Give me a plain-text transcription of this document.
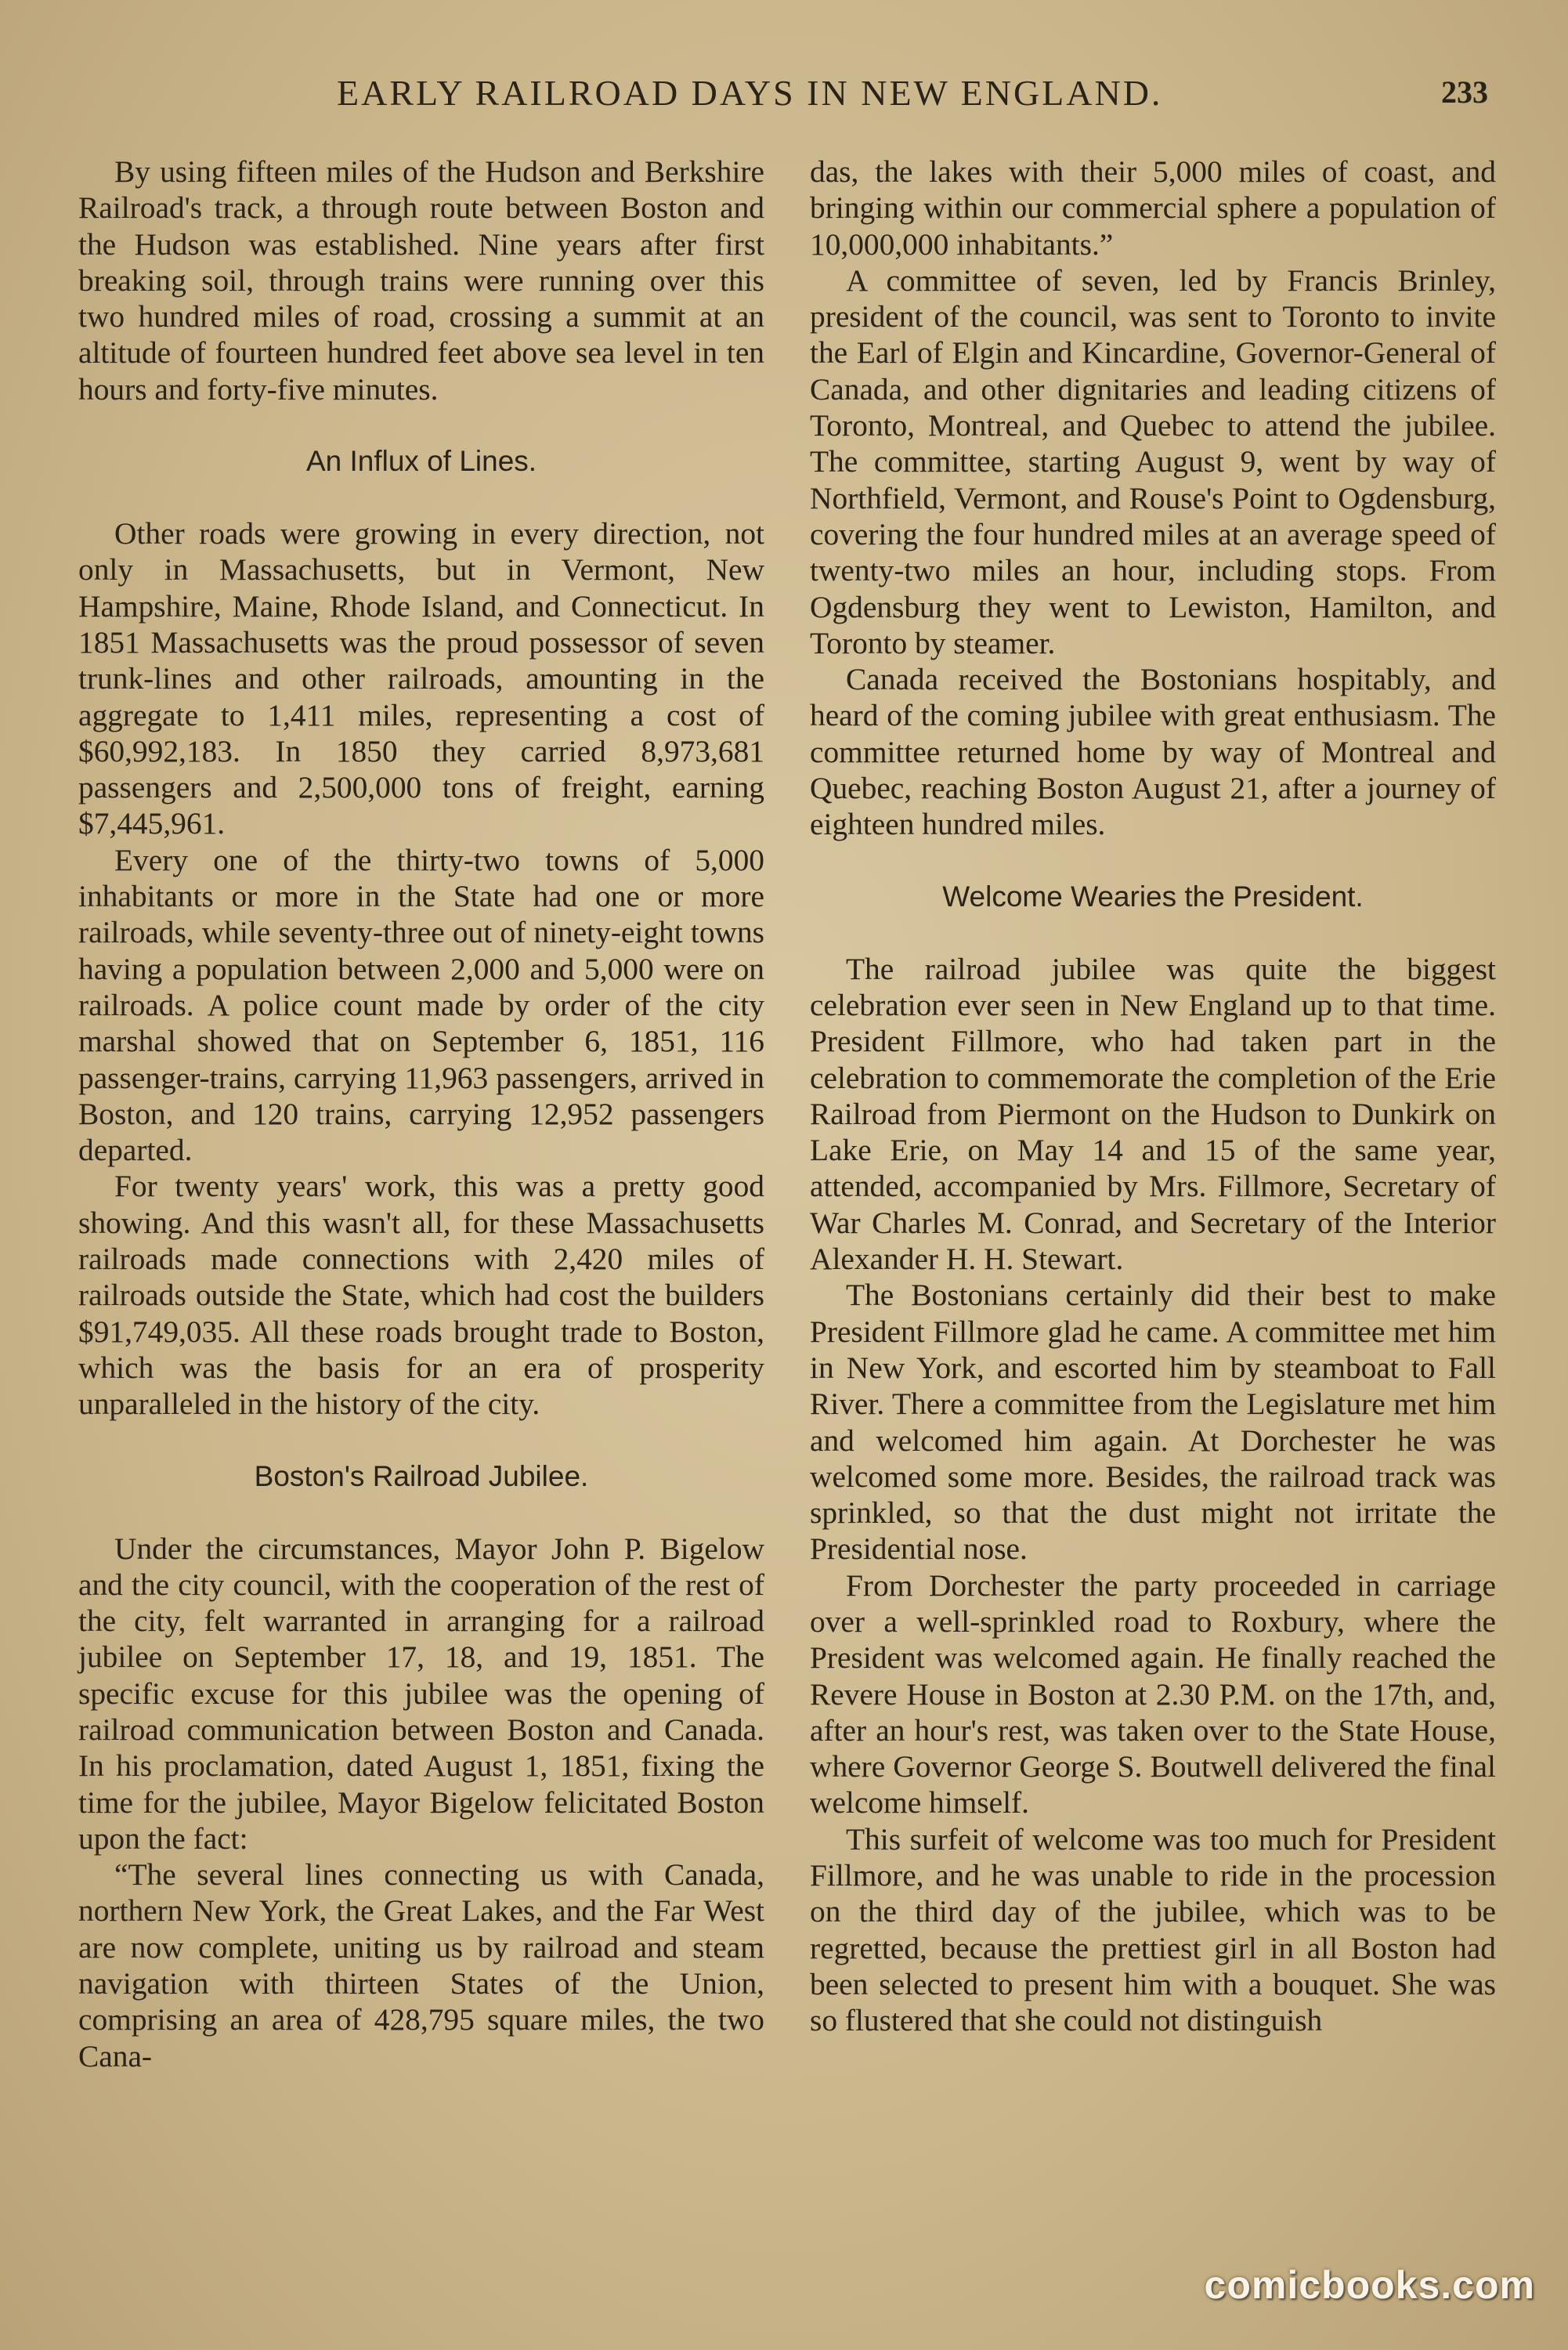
EARLY RAILROAD DAYS IN NEW ENGLAND.	233

By using fifteen miles of the Hudson and Berkshire Railroad's track, a through route between Boston and the Hudson was established. Nine years after first breaking soil, through trains were running over this two hundred miles of road, crossing a summit at an altitude of fourteen hundred feet above sea level in ten hours and forty-five minutes.

An Influx of Lines.

Other roads were growing in every direction, not only in Massachusetts, but in Vermont, New Hampshire, Maine, Rhode Island, and Connecticut. In 1851 Massachusetts was the proud possessor of seven trunk-lines and other railroads, amounting in the aggregate to 1,411 miles, representing a cost of $60,992,183. In 1850 they carried 8,973,681 passengers and 2,500,000 tons of freight, earning $7,445,961.

Every one of the thirty-two towns of 5,000 inhabitants or more in the State had one or more railroads, while seventy-three out of ninety-eight towns having a population between 2,000 and 5,000 were on railroads. A police count made by order of the city marshal showed that on September 6, 1851, 116 passenger-trains, carrying 11,963 passengers, arrived in Boston, and 120 trains, carrying 12,952 passengers departed.

For twenty years' work, this was a pretty good showing. And this wasn't all, for these Massachusetts railroads made connections with 2,420 miles of railroads outside the State, which had cost the builders $91,749,035. All these roads brought trade to Boston, which was the basis for an era of prosperity unparalleled in the history of the city.

Boston's Railroad Jubilee.

Under the circumstances, Mayor John P. Bigelow and the city council, with the cooperation of the rest of the city, felt warranted in arranging for a railroad jubilee on September 17, 18, and 19, 1851. The specific excuse for this jubilee was the opening of railroad communication between Boston and Canada. In his proclamation, dated August 1, 1851, fixing the time for the jubilee, Mayor Bigelow felicitated Boston upon the fact:

“The several lines connecting us with Canada, northern New York, the Great Lakes, and the Far West are now complete, uniting us by railroad and steam navigation with thirteen States of the Union, comprising an area of 428,795 square miles, the two Cana-

das, the lakes with their 5,000 miles of coast, and bringing within our commercial sphere a population of 10,000,000 inhabitants.”

A committee of seven, led by Francis Brinley, president of the council, was sent to Toronto to invite the Earl of Elgin and Kincardine, Governor-General of Canada, and other dignitaries and leading citizens of Toronto, Montreal, and Quebec to attend the jubilee. The committee, starting August 9, went by way of Northfield, Vermont, and Rouse's Point to Ogdensburg, covering the four hundred miles at an average speed of twenty-two miles an hour, including stops. From Ogdensburg they went to Lewiston, Hamilton, and Toronto by steamer.

Canada received the Bostonians hospitably, and heard of the coming jubilee with great enthusiasm. The committee returned home by way of Montreal and Quebec, reaching Boston August 21, after a journey of eighteen hundred miles.

Welcome Wearies the President.

The railroad jubilee was quite the biggest celebration ever seen in New England up to that time. President Fillmore, who had taken part in the celebration to commemorate the completion of the Erie Railroad from Piermont on the Hudson to Dunkirk on Lake Erie, on May 14 and 15 of the same year, attended, accompanied by Mrs. Fillmore, Secretary of War Charles M. Conrad, and Secretary of the Interior Alexander H. H. Stewart.

The Bostonians certainly did their best to make President Fillmore glad he came. A committee met him in New York, and escorted him by steamboat to Fall River. There a committee from the Legislature met him and welcomed him again. At Dorchester he was welcomed some more. Besides, the railroad track was sprinkled, so that the dust might not irritate the Presidential nose.

From Dorchester the party proceeded in carriage over a well-sprinkled road to Roxbury, where the President was welcomed again. He finally reached the Revere House in Boston at 2.30 P.M. on the 17th, and, after an hour's rest, was taken over to the State House, where Governor George S. Boutwell delivered the final welcome himself.

This surfeit of welcome was too much for President Fillmore, and he was unable to ride in the procession on the third day of the jubilee, which was to be regretted, because the prettiest girl in all Boston had been selected to present him with a bouquet. She was so flustered that she could not distinguish

comicbooks.com
